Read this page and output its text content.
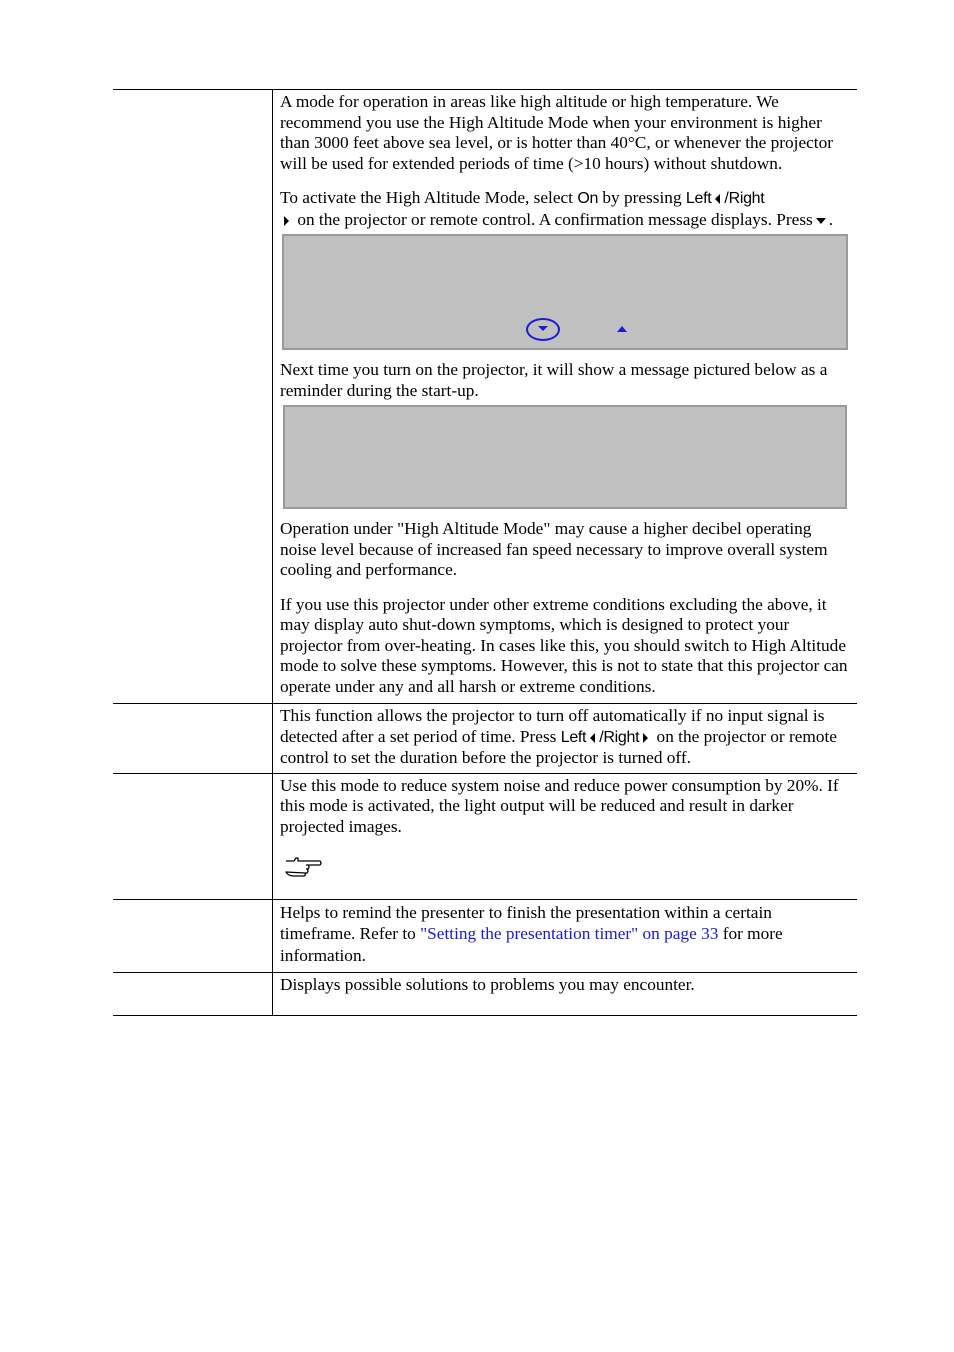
A mode for operation in areas like high altitude or high temperature. We recommend you use the High Altitude Mode when your environment is higher than 3000 feet above sea level, or is hotter than 40°C, or whenever the projector will be used for extended periods of time (>10 hours) without shutdown.

To activate the High Altitude Mode, select On by pressing Left /Right
on the projector or remote control. A confirmation message displays. Press .

Next time you turn on the projector, it will show a message pictured below as a reminder during the start-up.

Operation under "High Altitude Mode" may cause a higher decibel operating noise level because of increased fan speed necessary to improve overall system cooling and performance.

If you use this projector under other extreme conditions excluding the above, it may display auto shut-down symptoms, which is designed to protect your projector from over-heating. In cases like this, you should switch to High Altitude mode to solve these symptoms. However, this is not to state that this projector can operate under any and all harsh or extreme conditions.

This function allows the projector to turn off automatically if no input signal is detected after a set period of time. Press Left /Right on the projector or remote control to set the duration before the projector is turned off.

Use this mode to reduce system noise and reduce power consumption by 20%. If this mode is activated, the light output will be reduced and result in darker projected images.

Helps to remind the presenter to finish the presentation within a certain timeframe. Refer to "Setting the presentation timer" on page 33 for more information.

Displays possible solutions to problems you may encounter.
